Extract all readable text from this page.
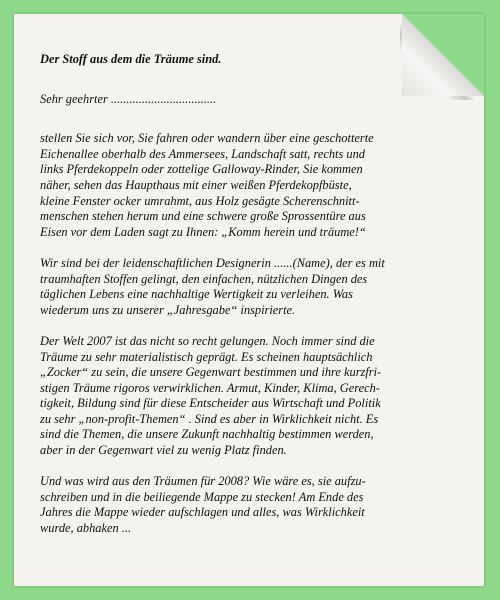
Der Stoff aus dem die Träume sind.
Sehr geehrter ..................................
stellen Sie sich vor, Sie fahren oder wandern über eine geschotterte
Eichenallee oberhalb des Ammersees, Landschaft satt, rechts und
links Pferdekoppeln oder zottelige Galloway-Rinder, Sie kommen
näher, sehen das Haupthaus mit einer weißen Pferdekopfbüste,
kleine Fenster ocker umrahmt, aus Holz gesägte Scherenschnitt-
menschen stehen herum und eine schwere große Sprossentüre aus
Eisen vor dem Laden sagt zu Ihnen: „Komm herein und träume!“
Wir sind bei der leidenschaftlichen Designerin ......(Name), der es mit
traumhaften Stoffen gelingt, den einfachen, nützlichen Dingen des
täglichen Lebens eine nachhaltige Wertigkeit zu verleihen. Was
wiederum uns zu unserer „Jahresgabe“ inspirierte.
Der Welt 2007 ist das nicht so recht gelungen. Noch immer sind die
Träume zu sehr materialistisch geprägt. Es scheinen hauptsächlich
„Zocker“ zu sein, die unsere Gegenwart bestimmen und ihre kurzfri-
stigen Träume rigoros verwirklichen. Armut, Kinder, Klima, Gerech-
tigkeit, Bildung sind für diese Entscheider aus Wirtschaft und Politik
zu sehr „non-profit-Themen“ . Sind es aber in Wirklichkeit nicht. Es
sind die Themen, die unsere Zukunft nachhaltig bestimmen werden,
aber in der Gegenwart viel zu wenig Platz finden.
Und was wird aus den Träumen für 2008? Wie wäre es, sie aufzu-
schreiben und in die beiliegende Mappe zu stecken! Am Ende des
Jahres die Mappe wieder aufschlagen und alles, was Wirklichkeit
wurde, abhaken ...
